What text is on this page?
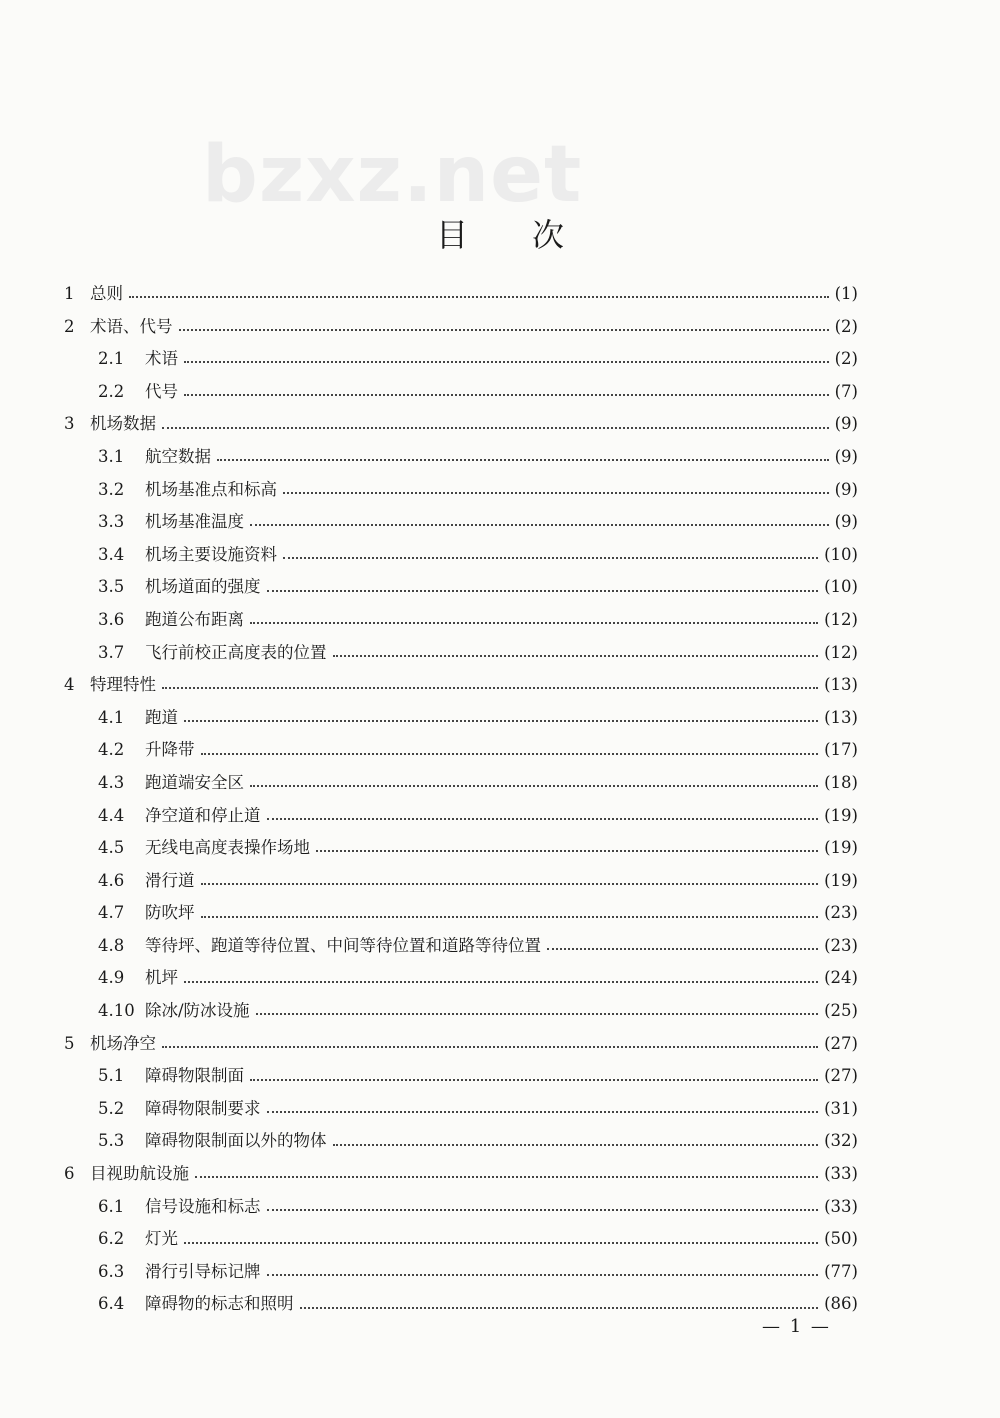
bzxz.net
目　　次
1 总则	(1)
2 术语、代号	(2)
2.1	术语	(2)
2.2	代号	(7)
3 机场数据	(9)
3.1	航空数据	(9)
3.2	机场基准点和标高	(9)
3.3	机场基准温度	(9)
3.4	机场主要设施资料	(10)
3.5	机场道面的强度	(10)
3.6	跑道公布距离	(12)
3.7	飞行前校正高度表的位置	(12)
4 特理特性	(13)
4.1	跑道	(13)
4.2	升降带	(17)
4.3	跑道端安全区	(18)
4.4	净空道和停止道	(19)
4.5	无线电高度表操作场地	(19)
4.6	滑行道	(19)
4.7	防吹坪	(23)
4.8	等待坪、跑道等待位置、中间等待位置和道路等待位置	(23)
4.9	机坪	(24)
4.10 除冰/防冰设施	(25)
5 机场净空	(27)
5.1	障碍物限制面	(27)
5.2	障碍物限制要求	(31)
5.3	障碍物限制面以外的物体	(32)
6 目视助航设施	(33)
6.1	信号设施和标志	(33)
6.2	灯光	(50)
6.3	滑行引导标记牌	(77)
6.4	障碍物的标志和照明	(86)
— 1 —
